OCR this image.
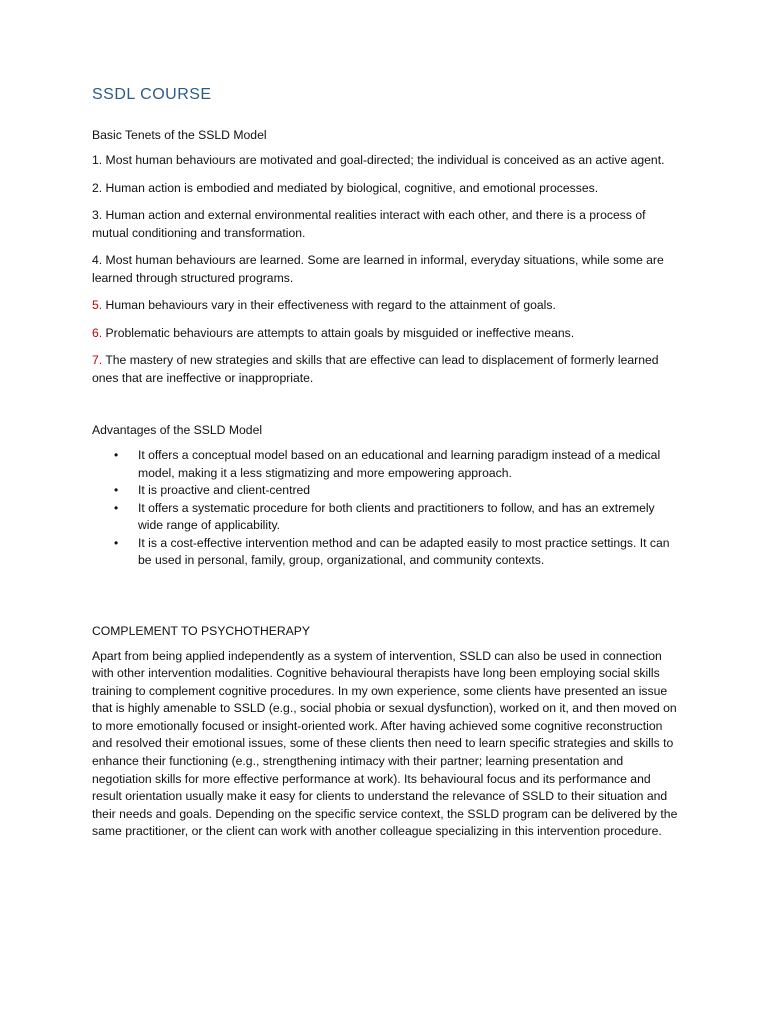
SSDL COURSE
Basic Tenets of the SSLD Model

1. Most human behaviours are motivated and goal-directed; the individual is conceived as an active agent.

2. Human action is embodied and mediated by biological, cognitive, and emotional processes.

3. Human action and external environmental realities interact with each other, and there is a process of mutual conditioning and transformation.

4. Most human behaviours are learned. Some are learned in informal, everyday situations, while some are learned through structured programs.

5. Human behaviours vary in their effectiveness with regard to the attainment of goals.

6. Problematic behaviours are attempts to attain goals by misguided or ineffective means.

7. The mastery of new strategies and skills that are effective can lead to displacement of formerly learned ones that are ineffective or inappropriate.

Advantages of the SSLD Model
• It offers a conceptual model based on an educational and learning paradigm instead of a medical model, making it a less stigmatizing and more empowering approach.
• It is proactive and client-centred
• It offers a systematic procedure for both clients and practitioners to follow, and has an extremely wide range of applicability.
• It is a cost-effective intervention method and can be adapted easily to most practice settings. It can be used in personal, family, group, organizational, and community contexts.
COMPLEMENT TO PSYCHOTHERAPY

Apart from being applied independently as a system of intervention, SSLD can also be used in connection with other intervention modalities. Cognitive behavioural therapists have long been employing social skills training to complement cognitive procedures. In my own experience, some clients have presented an issue that is highly amenable to SSLD (e.g., social phobia or sexual dysfunction), worked on it, and then moved on to more emotionally focused or insight-oriented work. After having achieved some cognitive reconstruction and resolved their emotional issues, some of these clients then need to learn specific strategies and skills to enhance their functioning (e.g., strengthening intimacy with their partner; learning presentation and negotiation skills for more effective performance at work). Its behavioural focus and its performance and result orientation usually make it easy for clients to understand the relevance of SSLD to their situation and their needs and goals. Depending on the specific service context, the SSLD program can be delivered by the same practitioner, or the client can work with another colleague specializing in this intervention procedure.
